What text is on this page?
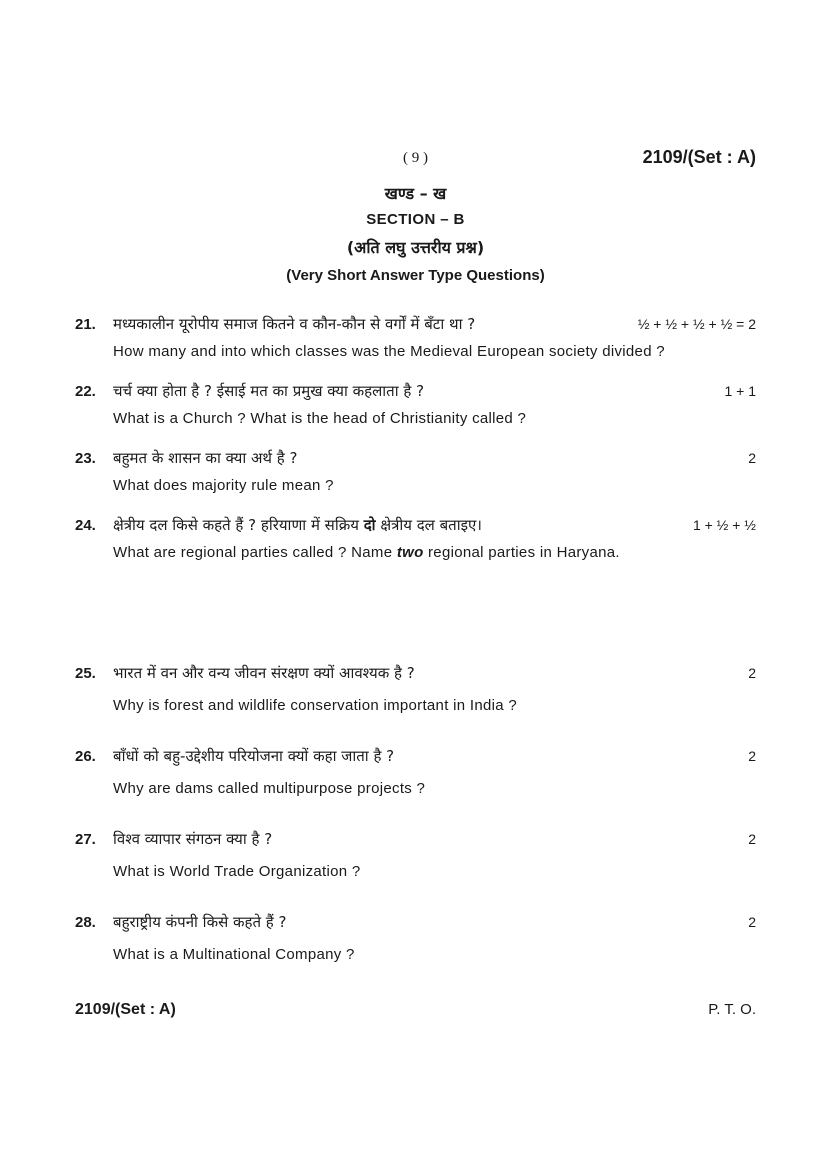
( 9 )	2109/(Set : A)
खण्ड – ख
SECTION – B
(अति लघु उत्तरीय प्रश्न)
(Very Short Answer Type Questions)
21.	मध्यकालीन यूरोपीय समाज कितने व कौन-कौन से वर्गों में बँटा था ?	½ + ½ + ½ + ½ = 2
How many and into which classes was the Medieval European society divided ?
22.	चर्च क्या होता है ? ईसाई मत का प्रमुख क्या कहलाता है ?	1 + 1
What is a Church ? What is the head of Christianity called ?
23.	बहुमत के शासन का क्या अर्थ है ?	2
What does majority rule mean ?
24.	क्षेत्रीय दल किसे कहते हैं ? हरियाणा में सक्रिय दो क्षेत्रीय दल बताइए।	1 + ½ + ½
What are regional parties called ? Name two regional parties in Haryana.
25.	भारत में वन और वन्य जीवन संरक्षण क्यों आवश्यक है ?	2
Why is forest and wildlife conservation important in India ?
26.	बाँधों को बहु-उद्देशीय परियोजना क्यों कहा जाता है ?	2
Why are dams called multipurpose projects ?
27.	विश्व व्यापार संगठन क्या है ?	2
What is World Trade Organization ?
28.	बहुराष्ट्रीय कंपनी किसे कहते हैं ?	2
What is a Multinational Company ?
2109/(Set : A)	P. T. O.
